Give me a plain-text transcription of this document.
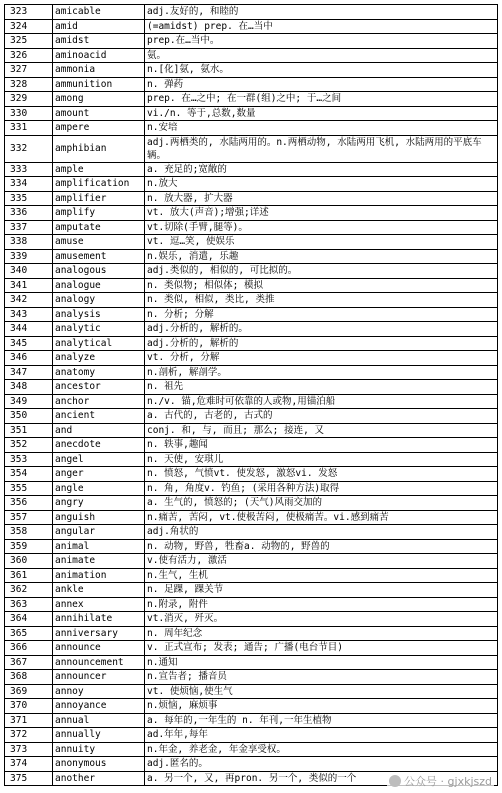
323	amicable	adj.友好的, 和睦的
324	amid	(=amidst) prep. 在…当中
325	amidst	prep.在…当中。
326	aminoacid	氨。
327	ammonia	n.[化]氨, 氨水。
328	ammunition	n. 弹药
329	among	prep. 在…之中; 在一群(组)之中; 于…之间
330	amount	vi./n. 等于,总数,数量
331	ampere	n.安培
332	amphibian	adj.两栖类的, 水陆两用的。n.两栖动物, 水陆两用飞机, 水陆两用的平底车辆。
333	ample	a. 充足的;宽敞的
334	amplification	n.放大
335	amplifier	n. 放大器, 扩大器
336	amplify	vt. 放大(声音);增强;详述
337	amputate	vt.切除(手臂,腿等)。
338	amuse	vt. 逗…笑, 使娱乐
339	amusement	n.娱乐, 消遣, 乐趣
340	analogous	adj.类似的, 相似的, 可比拟的。
341	analogue	n. 类似物; 相似体; 模拟
342	analogy	n. 类似, 相似, 类比, 类推
343	analysis	n. 分析; 分解
344	analytic	adj.分析的, 解析的。
345	analytical	adj.分析的, 解析的
346	analyze	vt. 分析, 分解
347	anatomy	n.剖析, 解剖学。
348	ancestor	n. 祖先
349	anchor	n./v. 锚,危难时可依靠的人或物,用锚泊船
350	ancient	a. 古代的, 古老的, 古式的
351	and	conj. 和, 与, 而且; 那么; 接连, 又
352	anecdote	n. 轶事,趣闻
353	angel	n. 天使, 安琪儿
354	anger	n. 愤怒, 气愤vt. 使发怒, 激怒vi. 发怒
355	angle	n. 角, 角度v. 钓鱼; (采用各种方法)取得
356	angry	a. 生气的, 愤怒的; (天气)风雨交加的
357	anguish	n.痛苦, 苦闷, vt.使极苦闷, 使极痛苦。vi.感到痛苦
358	angular	adj.角状的
359	animal	n. 动物, 野兽, 牲畜a. 动物的, 野兽的
360	animate	v.使有活力, 激活
361	animation	n.生气, 生机
362	ankle	n. 足踝, 踝关节
363	annex	n.附录, 附件
364	annihilate	vt.消灭, 歼灭。
365	anniversary	n. 周年纪念
366	announce	v. 正式宣布; 发表; 通告; 广播(电台节目)
367	announcement	n.通知
368	announcer	n.宣告者; 播音员
369	annoy	vt. 使烦恼,使生气
370	annoyance	n.烦恼, 麻烦事
371	annual	a. 每年的,一年生的 n. 年刊,一年生植物
372	annually	ad.年年,每年
373	annuity	n.年金, 养老金, 年金享受权。
374	anonymous	adj.匿名的。
375	another	a. 另一个, 又, 再pron. 另一个, 类似的一个	公众号 · gjxkjszd
